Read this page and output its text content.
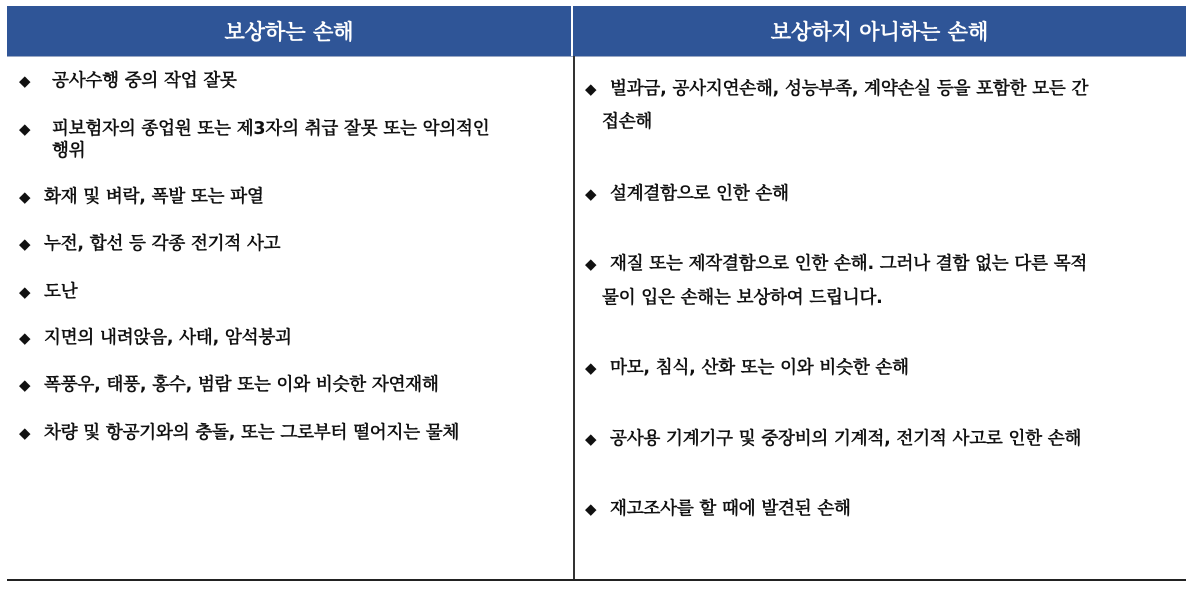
보상하는 손해	보상하지 아니하는 손해
◆ 공사수행 중의 작업 잘못
◆ 피보험자의 종업원 또는 제3자의 취급 잘못 또는 악의적인
행위
◆ 화재 및 벼락, 폭발 또는 파열
◆ 누전, 합선 등 각종 전기적 사고
◆ 도난
◆ 지면의 내려앉음, 사태, 암석붕괴
◆ 폭풍우, 태풍, 홍수, 범람 또는 이와 비슷한 자연재해
◆ 차량 및 항공기와의 충돌, 또는 그로부터 떨어지는 물체
◆ 벌과금, 공사지연손해, 성능부족, 계약손실 등을 포함한 모든 간
접손해
◆ 설계결함으로 인한 손해
◆ 재질 또는 제작결함으로 인한 손해. 그러나 결함 없는 다른 목적
물이 입은 손해는 보상하여 드립니다.
◆ 마모, 침식, 산화 또는 이와 비슷한 손해
◆ 공사용 기계기구 및 중장비의 기계적, 전기적 사고로 인한 손해
◆ 재고조사를 할 때에 발견된 손해
